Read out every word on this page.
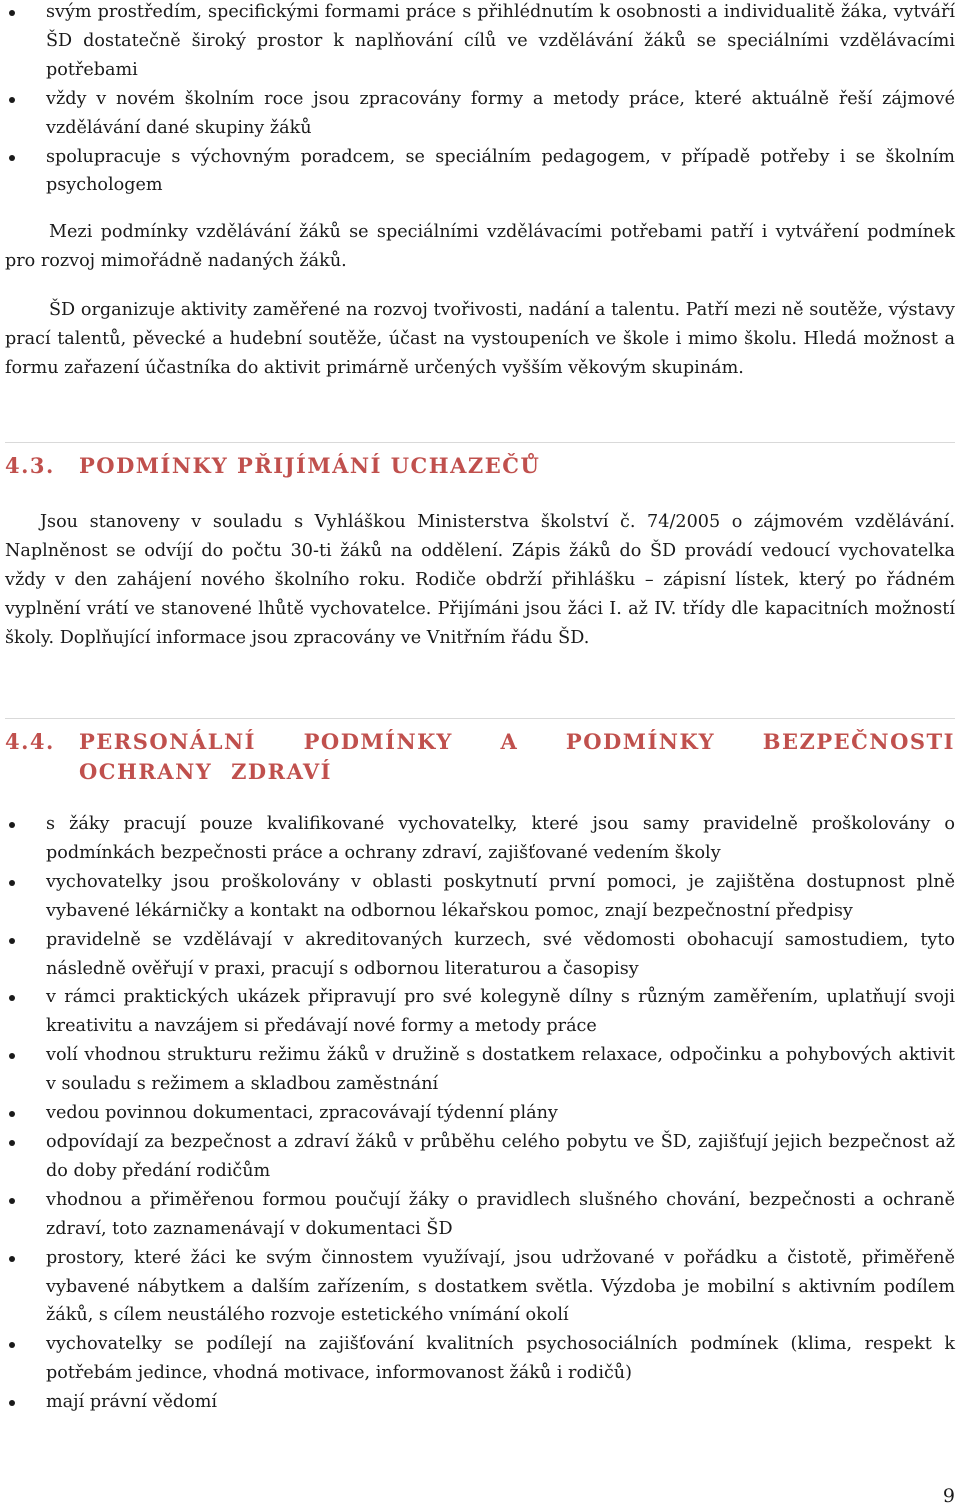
svým prostředím, specifickými formami práce s přihlédnutím k osobnosti a individualitě žáka, vytváří ŠD dostatečně široký prostor k naplňování cílů ve vzdělávání žáků se speciálními vzdělávacími potřebami
vždy v novém školním roce jsou zpracovány formy a metody práce, které aktuálně řeší zájmové vzdělávání dané skupiny žáků
spolupracuje s výchovným poradcem, se speciálním pedagogem, v případě potřeby i se školním psychologem

Mezi podmínky vzdělávání žáků se speciálními vzdělávacími potřebami patří i vytváření podmínek pro rozvoj mimořádně nadaných žáků.

ŠD organizuje aktivity zaměřené na rozvoj tvořivosti, nadání a talentu. Patří mezi ně soutěže, výstavy prací talentů, pěvecké a hudební soutěže, účast na vystoupeních ve škole i mimo školu. Hledá možnost a formu zařazení účastníka do aktivit primárně určených vyšším věkovým skupinám.

4.3.	PODMÍNKY PŘIJÍMÁNÍ UCHAZEČŮ

Jsou stanoveny v souladu s Vyhláškou Ministerstva školství č. 74/2005 o zájmovém vzdělávání. Naplněnost se odvíjí do počtu 30-ti žáků na oddělení. Zápis žáků do ŠD provádí vedoucí vychovatelka vždy v den zahájení nového školního roku. Rodiče obdrží přihlášku – zápisní lístek, který po řádném vyplnění vrátí ve stanovené lhůtě vychovatelce. Přijímáni jsou žáci I. až IV. třídy dle kapacitních možností školy. Doplňující informace jsou zpracovány ve Vnitřním řádu ŠD.

4.4.	PERSONÁLNÍ PODMÍNKY A PODMÍNKY BEZPEČNOSTI OCHRANY ZDRAVÍ
s žáky pracují pouze kvalifikované vychovatelky, které jsou samy pravidelně proškolovány o podmínkách bezpečnosti práce a ochrany zdraví, zajišťované vedením školy
vychovatelky jsou proškolovány v oblasti poskytnutí první pomoci, je zajištěna dostupnost plně vybavené lékárničky a kontakt na odbornou lékařskou pomoc, znají bezpečnostní předpisy
pravidelně se vzdělávají v akreditovaných kurzech, své vědomosti obohacují samostudiem, tyto následně ověřují v praxi, pracují s odbornou literaturou a časopisy
v rámci praktických ukázek připravují pro své kolegyně dílny s různým zaměřením, uplatňují svoji kreativitu a navzájem si předávají nové formy a metody práce
volí vhodnou strukturu režimu žáků v družině s dostatkem relaxace, odpočinku a pohybových aktivit v souladu s režimem a skladbou zaměstnání
vedou povinnou dokumentaci, zpracovávají týdenní plány
odpovídají za bezpečnost a zdraví žáků v průběhu celého pobytu ve ŠD, zajišťují jejich bezpečnost až do doby předání rodičům
vhodnou a přiměřenou formou poučují žáky o pravidlech slušného chování, bezpečnosti a ochraně zdraví, toto zaznamenávají v dokumentaci ŠD
prostory, které žáci ke svým činnostem využívají, jsou udržované v pořádku a čistotě, přiměřeně vybavené nábytkem a dalším zařízením, s dostatkem světla. Výzdoba je mobilní s aktivním podílem žáků, s cílem neustálého rozvoje estetického vnímání okolí
vychovatelky se podílejí na zajišťování kvalitních psychosociálních podmínek (klima, respekt k potřebám jedince, vhodná motivace, informovanost žáků i rodičů)
mají právní vědomí
9
